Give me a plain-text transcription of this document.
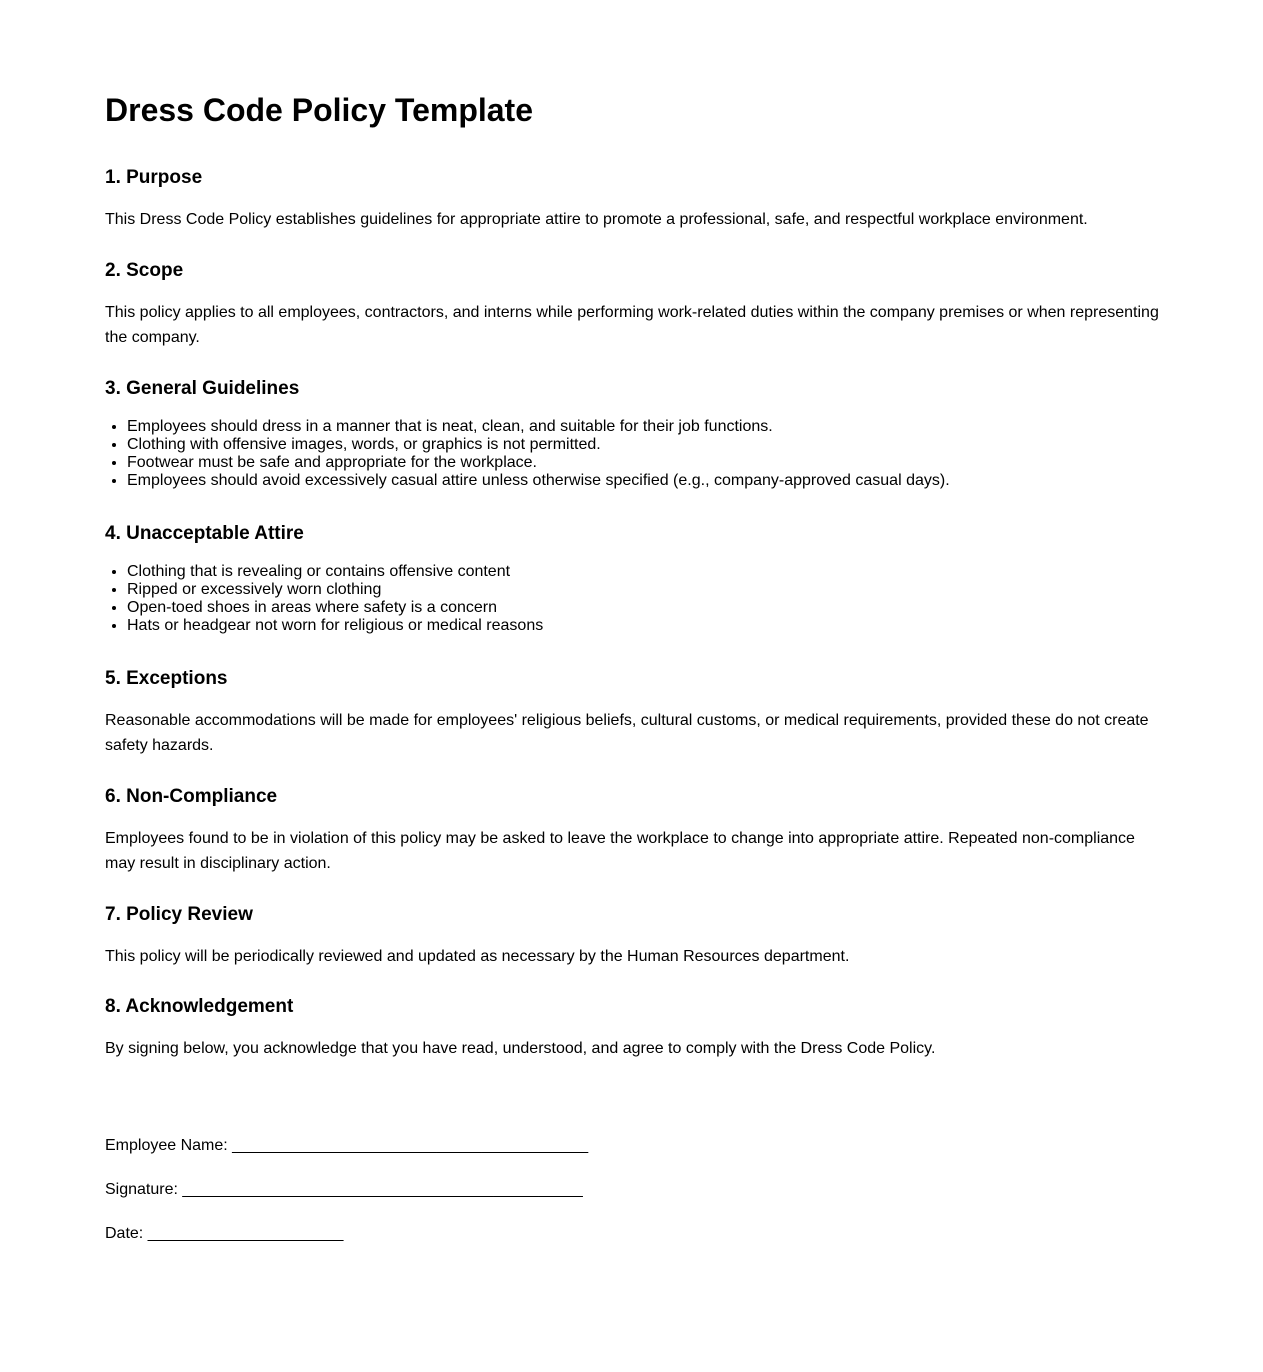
Dress Code Policy Template
1. Purpose

This Dress Code Policy establishes guidelines for appropriate attire to promote a professional, safe, and respectful workplace environment.

2. Scope

This policy applies to all employees, contractors, and interns while performing work-related duties within the company premises or when representing the company.

3. General Guidelines
• Employees should dress in a manner that is neat, clean, and suitable for their job functions.
• Clothing with offensive images, words, or graphics is not permitted.
• Footwear must be safe and appropriate for the workplace.
• Employees should avoid excessively casual attire unless otherwise specified (e.g., company-approved casual days).
4. Unacceptable Attire
• Clothing that is revealing or contains offensive content
• Ripped or excessively worn clothing
• Open-toed shoes in areas where safety is a concern
• Hats or headgear not worn for religious or medical reasons
5. Exceptions

Reasonable accommodations will be made for employees' religious beliefs, cultural customs, or medical requirements, provided these do not create safety hazards.

6. Non-Compliance

Employees found to be in violation of this policy may be asked to leave the workplace to change into appropriate attire. Repeated non-compliance may result in disciplinary action.

7. Policy Review

This policy will be periodically reviewed and updated as necessary by the Human Resources department.

8. Acknowledgement

By signing below, you acknowledge that you have read, understood, and agree to comply with the Dress Code Policy.

Employee Name: ________________________________________
Signature: _____________________________________________
Date: ______________________
